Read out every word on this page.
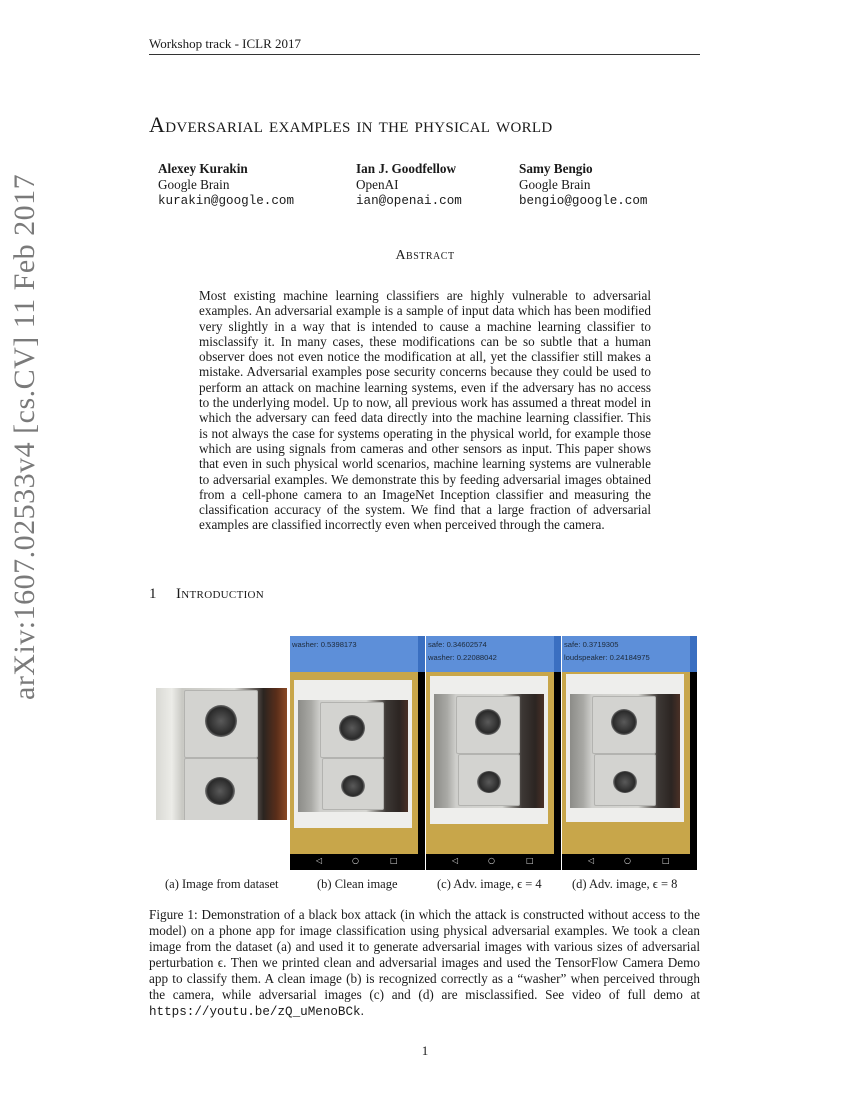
Workshop track - ICLR 2017
arXiv:1607.02533v4 [cs.CV] 11 Feb 2017
Adversarial examples in the physical world
Alexey Kurakin
Google Brain
kurakin@google.com
Ian J. Goodfellow
OpenAI
ian@openai.com
Samy Bengio
Google Brain
bengio@google.com
Abstract
Most existing machine learning classifiers are highly vulnerable to adversarial examples. An adversarial example is a sample of input data which has been modified very slightly in a way that is intended to cause a machine learning classifier to misclassify it. In many cases, these modifications can be so subtle that a human observer does not even notice the modification at all, yet the classifier still makes a mistake. Adversarial examples pose security concerns because they could be used to perform an attack on machine learning systems, even if the adversary has no access to the underlying model. Up to now, all previous work has assumed a threat model in which the adversary can feed data directly into the machine learning classifier. This is not always the case for systems operating in the physical world, for example those which are using signals from cameras and other sensors as input. This paper shows that even in such physical world scenarios, machine learning systems are vulnerable to adversarial examples. We demonstrate this by feeding adversarial images obtained from a cell-phone camera to an ImageNet Inception classifier and measuring the classification accuracy of the system. We find that a large fraction of adversarial examples are classified incorrectly even when perceived through the camera.
1 Introduction
washer: 0.5398173
◁	○	□
safe: 0.34602574
washer: 0.22088042
◁	○	□
safe: 0.3719305
loudspeaker: 0.24184975
◁	○	□
(a) Image from dataset	(b) Clean image	(c) Adv. image, ϵ = 4 (d) Adv. image, ϵ = 8
Figure 1: Demonstration of a black box attack (in which the attack is constructed without access to the model) on a phone app for image classification using physical adversarial examples. We took a clean image from the dataset (a) and used it to generate adversarial images with various sizes of adversarial perturbation ϵ. Then we printed clean and adversarial images and used the TensorFlow Camera Demo app to classify them. A clean image (b) is recognized correctly as a “washer” when perceived through the camera, while adversarial images (c) and (d) are misclassified. See video of full demo at https://youtu.be/zQ_uMenoBCk.
1
